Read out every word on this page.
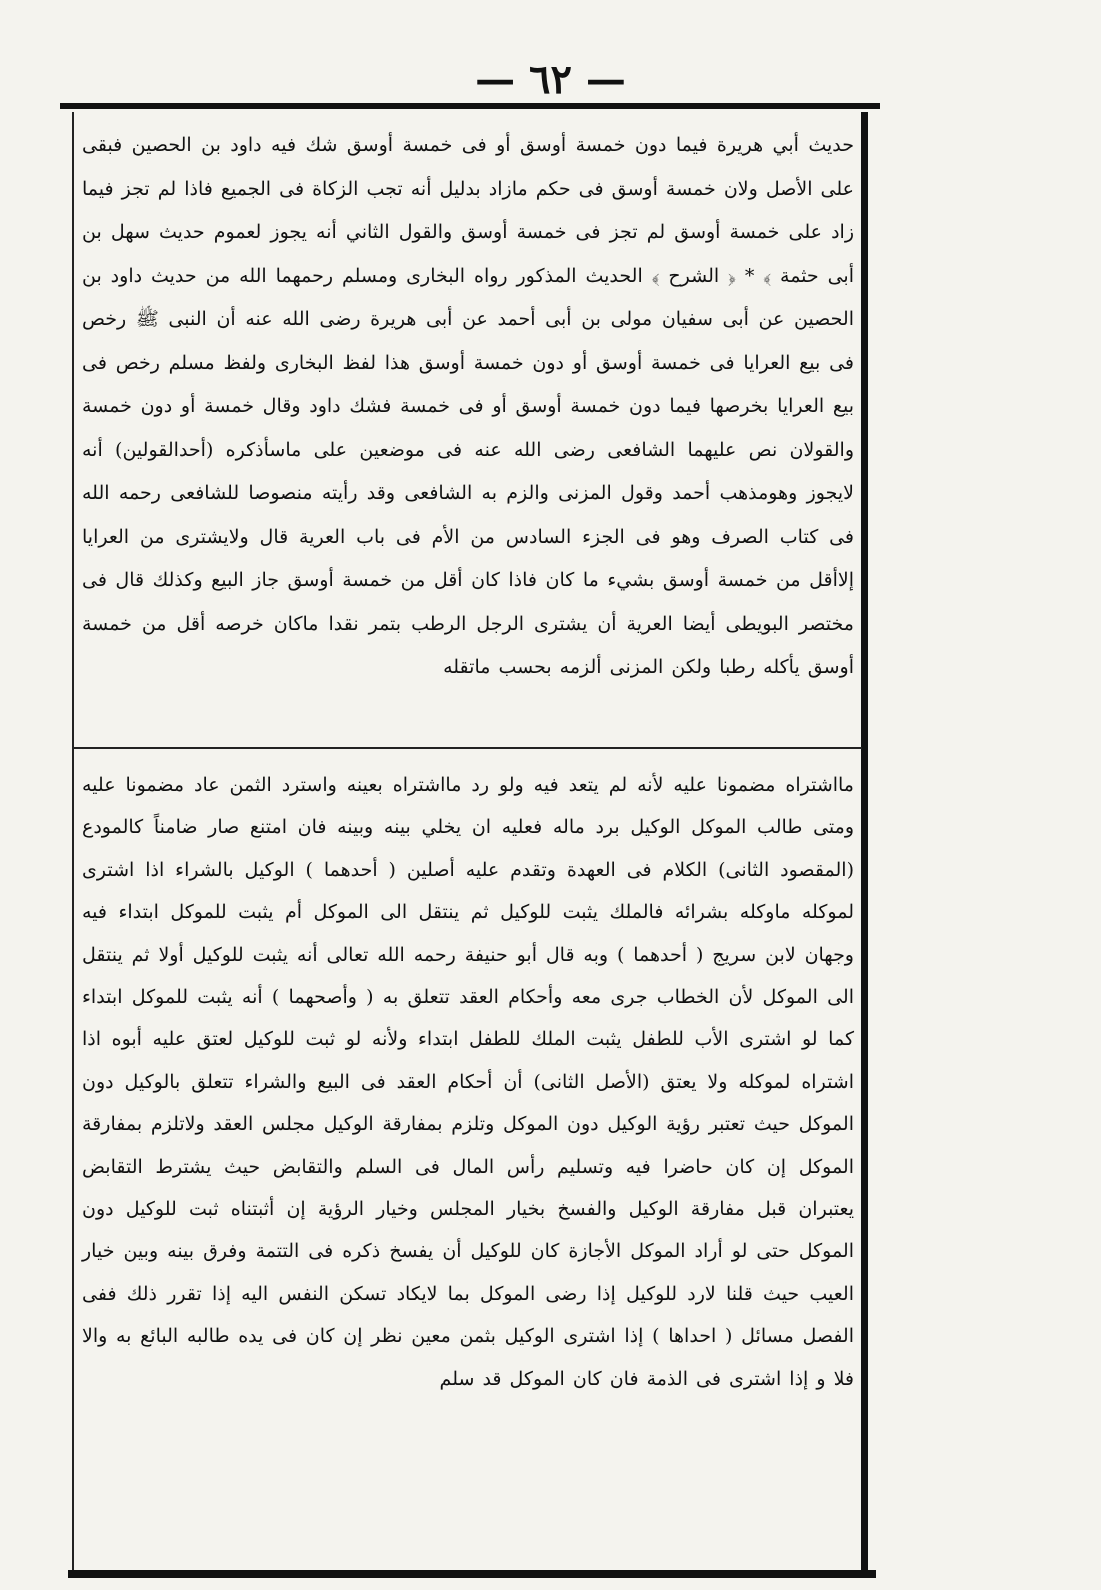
— ٦٢ —

حديث أبي هريرة فيما دون خمسة أوسق أو فى خمسة أوسق شك فيه داود بن الحصين فبقى على الأصل ولان خمسة أوسق فى حكم مازاد بدليل أنه تجب الزكاة فى الجميع فاذا لم تجز فيما زاد على خمسة أوسق لم تجز فى خمسة أوسق والقول الثاني أنه يجوز لعموم حديث سهل بن أبى حثمة ﴾ * ﴿ الشرح ﴾ الحديث المذكور رواه البخارى ومسلم رحمهما الله من حديث داود بن الحصين عن أبى سفيان مولى بن أبى أحمد عن أبى هريرة رضى الله عنه أن النبى ﷺ رخص فى بيع العرايا فى خمسة أوسق أو دون خمسة أوسق هذا لفظ البخارى ولفظ مسلم رخص فى بيع العرايا بخرصها فيما دون خمسة أوسق أو فى خمسة فشك داود وقال خمسة أو دون خمسة والقولان نص عليهما الشافعى رضى الله عنه فى موضعين على ماسأذكره (أحدالقولين) أنه لايجوز وهومذهب أحمد وقول المزنى والزم به الشافعى وقد رأيته منصوصا للشافعى رحمه الله فى كتاب الصرف وهو فى الجزء السادس من الأم فى باب العرية قال ولايشترى من العرايا إلاأقل من خمسة أوسق بشيء ما كان فاذا كان أقل من خمسة أوسق جاز البيع وكذلك قال فى مختصر البويطى أيضا العرية أن يشترى الرجل الرطب بتمر نقدا ماكان خرصه أقل من خمسة أوسق يأكله رطبا ولكن المزنى ألزمه بحسب ماتقله

مااشتراه مضمونا عليه لأنه لم يتعد فيه ولو رد مااشتراه بعينه واسترد الثمن عاد مضمونا عليه ومتى طالب الموكل الوكيل برد ماله فعليه ان يخلي بينه وبينه فان امتنع صار ضامناً كالمودع (المقصود الثانى) الكلام فى العهدة وتقدم عليه أصلين ( أحدهما ) الوكيل بالشراء اذا اشترى لموكله ماوكله بشرائه فالملك يثبت للوكيل ثم ينتقل الى الموكل أم يثبت للموكل ابتداء فيه وجهان لابن سريج ( أحدهما ) وبه قال أبو حنيفة رحمه الله تعالى أنه يثبت للوكيل أولا ثم ينتقل الى الموكل لأن الخطاب جرى معه وأحكام العقد تتعلق به ( وأصحهما ) أنه يثبت للموكل ابتداء كما لو اشترى الأب للطفل يثبت الملك للطفل ابتداء ولأنه لو ثبت للوكيل لعتق عليه أبوه اذا اشتراه لموكله ولا يعتق (الأصل الثانى) أن أحكام العقد فى البيع والشراء تتعلق بالوكيل دون الموكل حيث تعتبر رؤية الوكيل دون الموكل وتلزم بمفارقة الوكيل مجلس العقد ولاتلزم بمفارقة الموكل إن كان حاضرا فيه وتسليم رأس المال فى السلم والتقابض حيث يشترط التقابض يعتبران قبل مفارقة الوكيل والفسخ بخيار المجلس وخيار الرؤية إن أثبتناه ثبت للوكيل دون الموكل حتى لو أراد الموكل الأجازة كان للوكيل أن يفسخ ذكره فى التتمة وفرق بينه وبين خيار العيب حيث قلنا لارد للوكيل إذا رضى الموكل بما لايكاد تسكن النفس اليه إذا تقرر ذلك ففى الفصل مسائل ( احداها ) إذا اشترى الوكيل بثمن معين نظر إن كان فى يده طالبه البائع به والا فلا و إذا اشترى فى الذمة فان كان الموكل قد سلم
